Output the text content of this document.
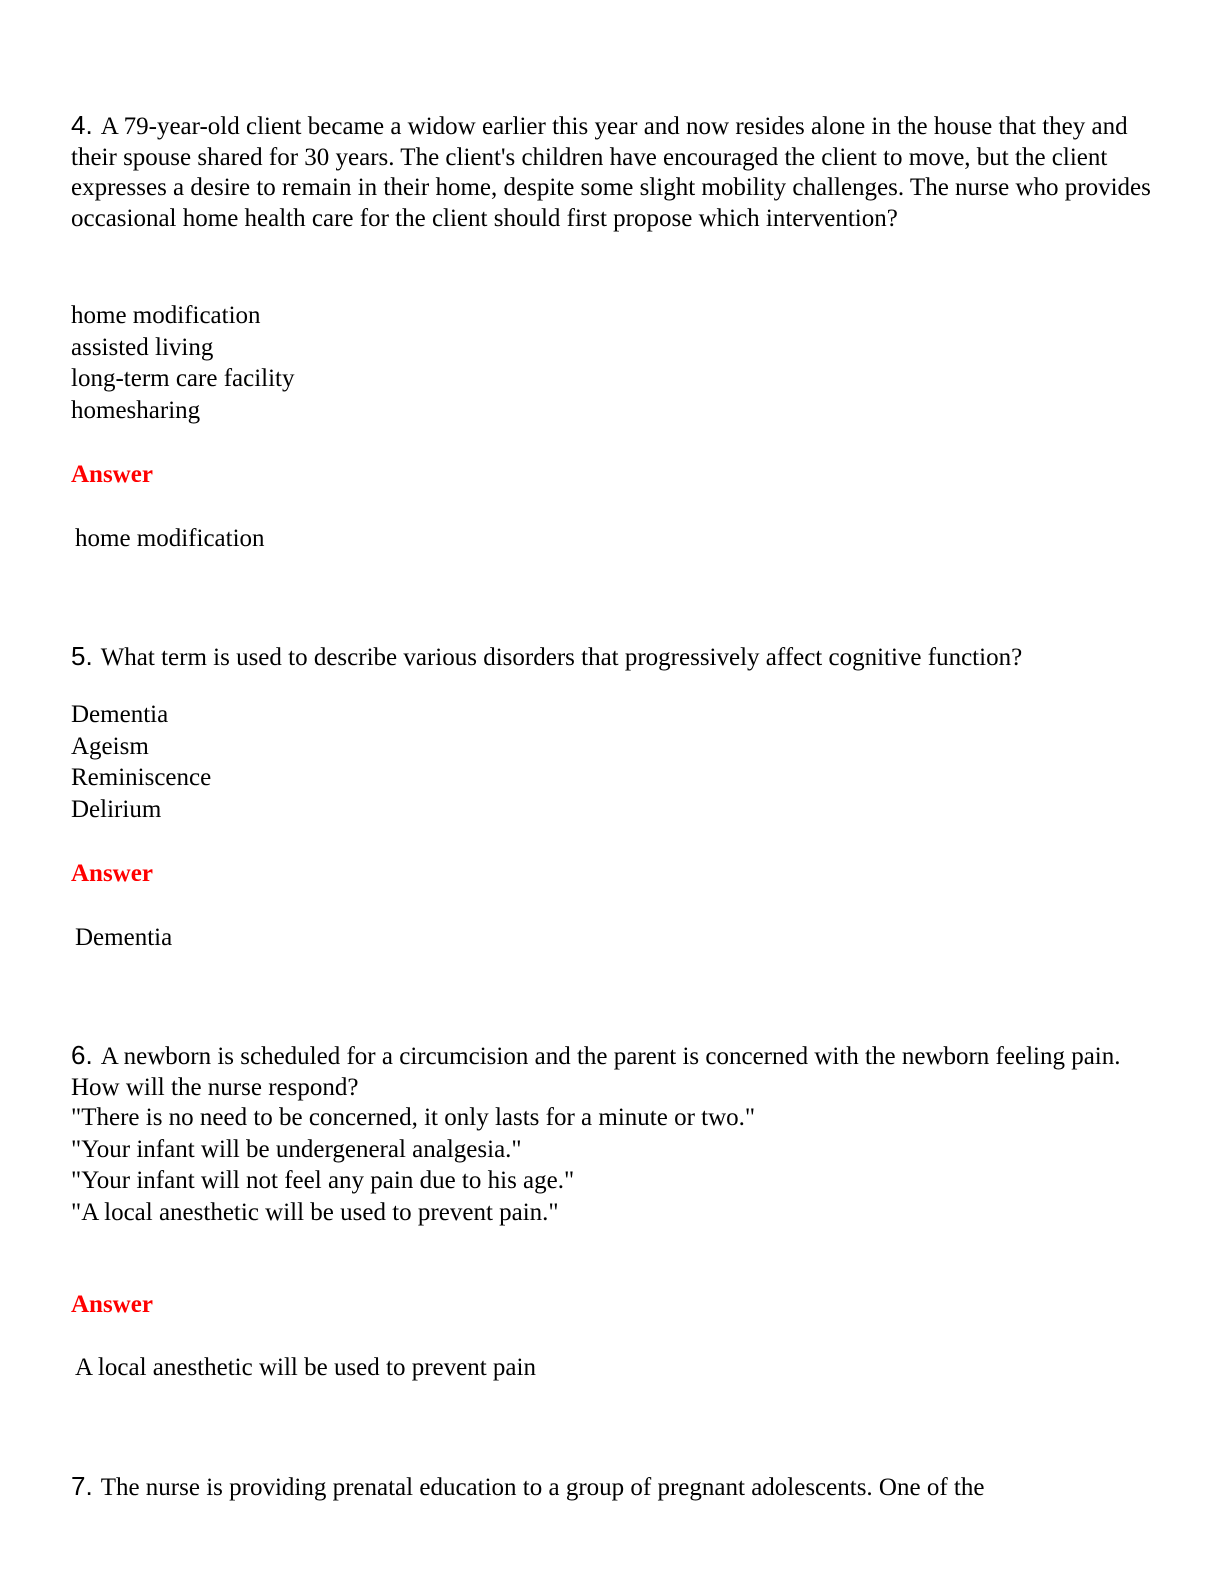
4. A 79-year-old client became a widow earlier this year and now resides alone in the house that they and their spouse shared for 30 years. The client's children have encouraged the client to move, but the client expresses a desire to remain in their home, despite some slight mobility challenges. The nurse who provides occasional home health care for the client should first propose which intervention?

home modification
assisted living
long-term care facility
homesharing

Answer

home modification

5. What term is used to describe various disorders that progressively affect cognitive function?

Dementia
Ageism
Reminiscence
Delirium

Answer

Dementia

6. A newborn is scheduled for a circumcision and the parent is concerned with the newborn feeling pain. How will the nurse respond?

"There is no need to be concerned, it only lasts for a minute or two."
"Your infant will be undergeneral analgesia."
"Your infant will not feel any pain due to his age."
"A local anesthetic will be used to prevent pain."

Answer

A local anesthetic will be used to prevent pain

7. The nurse is providing prenatal education to a group of pregnant adolescents. One of the
